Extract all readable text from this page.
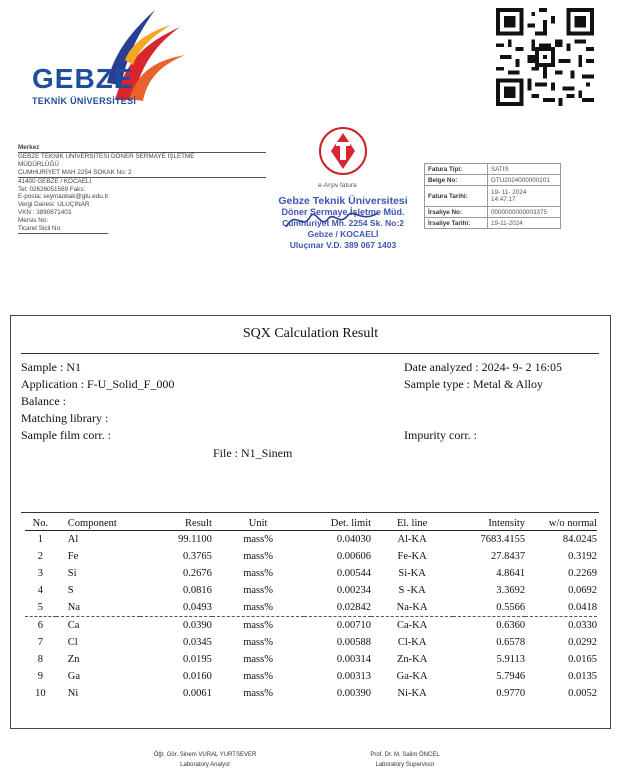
GEBZE
TEKNİK ÜNİVERSİTESİ
Merkez
GEBZE TEKNİK ÜNİVERSİTESİ DÖNER SERMAYE İŞLETME
MÜDÜRLÜĞÜ
CUMHURİYET MAH 2254 SOKAK No: 2
41400 GEBZE / KOCAELİ
Tel: 02626051569 Faks:
E-posta: seymaobak@gtu.edu.tr
Vergi Dairesi: ULUÇINAR
VKN : 3890671403
Mersis No:
Ticaret Sicil No:
e-Arşiv fatura
Gebze Teknik Üniversitesi
Döner Sermaye İşletme Müd.
Cumhuriyet Mh. 2254 Sk. No:2
Gebze / KOCAELİ
Uluçınar V.D. 389 067 1403
Fatura Tipi:	SATIS
Belge No:	GTU2024000000201
Fatura Tarihi:	19- 11- 2024
14:47:17
İrsaliye No:	0000000000003375
İrsaliye Tarihi:	19-11-2024
SQX Calculation Result
Sample : N1
Application : F-U_Solid_F_000
Balance :
Matching library :
Sample film corr. :
Date analyzed : 2024- 9- 2 16:05
Sample type : Metal & Alloy
Impurity corr. :
File : N1_Sinem
No.	Component	Result	Unit	Det. limit	El. line	Intensity	w/o normal
1	Al	99.1100	mass%	0.04030	Al-KA	7683.4155	84.0245
2	Fe	0.3765	mass%	0.00606	Fe-KA	27.8437	0.3192
3	Si	0.2676	mass%	0.00544	Si-KA	4.8641	0.2269
4	S	0.0816	mass%	0.00234	S -KA	3.3692	0.0692
5	Na	0.0493	mass%	0.02842	Na-KA	0.5566	0.0418
6	Ca	0.0390	mass%	0.00710	Ca-KA	0.6360	0.0330
7	Cl	0.0345	mass%	0.00588	Cl-KA	0.6578	0.0292
8	Zn	0.0195	mass%	0.00314	Zn-KA	5.9113	0.0165
9	Ga	0.0160	mass%	0.00313	Ga-KA	5.7946	0.0135
10	Ni	0.0061	mass%	0.00390	Ni-KA	0.9770	0.0052
Öğr. Gör. Sinem VURAL YURTSEVER
Laboratory Analyst
Prof. Dr. M. Salim ÖNCEL
Laboratory Supervisor
